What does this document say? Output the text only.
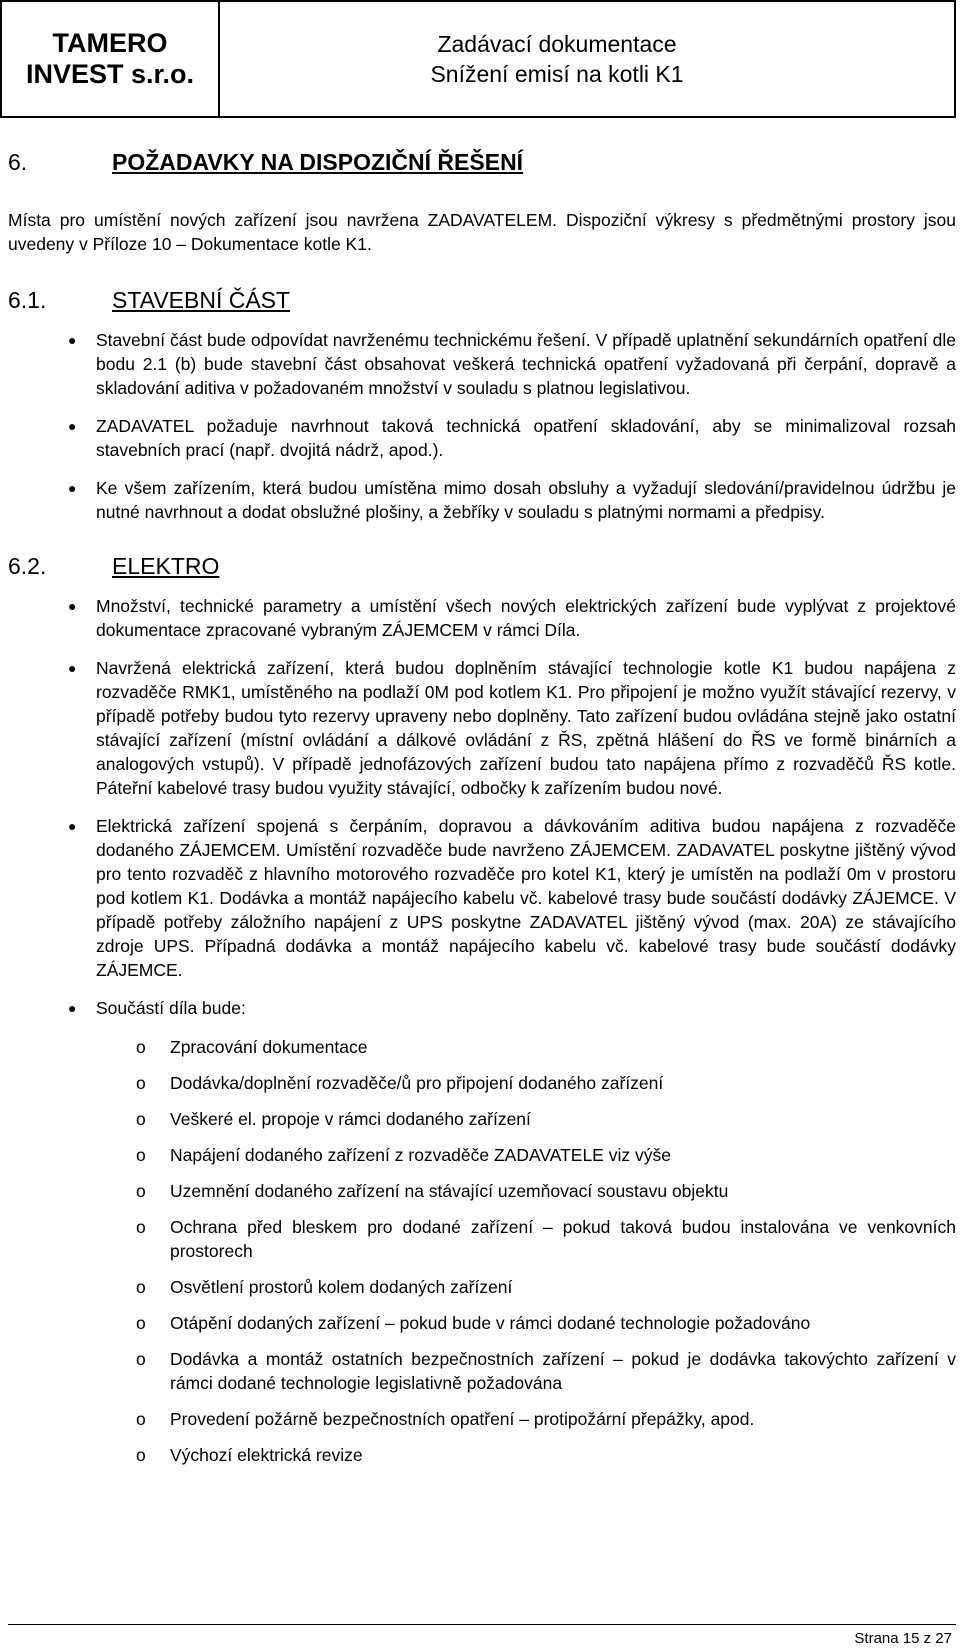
TAMERO
INVEST s.r.o.
Zadávací dokumentace
Snížení emisí na kotli K1
6.	POŽADAVKY NA DISPOZIČNÍ ŘEŠENÍ

Místa pro umístění nových zařízení jsou navržena ZADAVATELEM. Dispoziční výkresy s předmětnými prostory jsou uvedeny v Příloze 10 – Dokumentace kotle K1.

6.1.	STAVEBNÍ ČÁST
● Stavební část bude odpovídat navrženému technickému řešení. V případě uplatnění sekundárních opatření dle bodu 2.1 (b) bude stavební část obsahovat veškerá technická opatření vyžadovaná při čerpání, dopravě a skladování aditiva v požadovaném množství v souladu s platnou legislativou.
● ZADAVATEL požaduje navrhnout taková technická opatření skladování, aby se minimalizoval rozsah stavebních prací (např. dvojitá nádrž, apod.).
● Ke všem zařízením, která budou umístěna mimo dosah obsluhy a vyžadují sledování/pravidelnou údržbu je nutné navrhnout a dodat obslužné plošiny, a žebříky v souladu s platnými normami a předpisy.
6.2.	ELEKTRO
● Množství, technické parametry a umístění všech nových elektrických zařízení bude vyplývat z projektové dokumentace zpracované vybraným ZÁJEMCEM v rámci Díla.
● Navržená elektrická zařízení, která budou doplněním stávající technologie kotle K1 budou napájena z rozvaděče RMK1, umístěného na podlaží 0M pod kotlem K1. Pro připojení je možno využít stávající rezervy, v případě potřeby budou tyto rezervy upraveny nebo doplněny. Tato zařízení budou ovládána stejně jako ostatní stávající zařízení (místní ovládání a dálkové ovládání z ŘS, zpětná hlášení do ŘS ve formě binárních a analogových vstupů). V případě jednofázových zařízení budou tato napájena přímo z rozvaděčů ŘS kotle. Páteřní kabelové trasy budou využity stávající, odbočky k zařízením budou nové.
● Elektrická zařízení spojená s čerpáním, dopravou a dávkováním aditiva budou napájena z rozvaděče dodaného ZÁJEMCEM. Umístění rozvaděče bude navrženo ZÁJEMCEM. ZADAVATEL poskytne jištěný vývod pro tento rozvaděč z hlavního motorového rozvaděče pro kotel K1, který je umístěn na podlaží 0m v prostoru pod kotlem K1. Dodávka a montáž napájecího kabelu vč. kabelové trasy bude součástí dodávky ZÁJEMCE. V případě potřeby záložního napájení z UPS poskytne ZADAVATEL jištěný vývod (max. 20A) ze stávajícího zdroje UPS. Případná dodávka a montáž napájecího kabelu vč. kabelové trasy bude součástí dodávky ZÁJEMCE.
● Součástí díla bude:
o Zpracování dokumentace
o Dodávka/doplnění rozvaděče/ů pro připojení dodaného zařízení
o Veškeré el. propoje v rámci dodaného zařízení
o Napájení dodaného zařízení z rozvaděče ZADAVATELE viz výše
o Uzemnění dodaného zařízení na stávající uzemňovací soustavu objektu
o Ochrana před bleskem pro dodané zařízení – pokud taková budou instalována ve venkovních prostorech
o Osvětlení prostorů kolem dodaných zařízení
o Otápění dodaných zařízení – pokud bude v rámci dodané technologie požadováno
o Dodávka a montáž ostatních bezpečnostních zařízení – pokud je dodávka takovýchto zařízení v rámci dodané technologie legislativně požadována
o Provedení požárně bezpečnostních opatření – protipožární přepážky, apod.
o Výchozí elektrická revize
Strana 15 z 27
